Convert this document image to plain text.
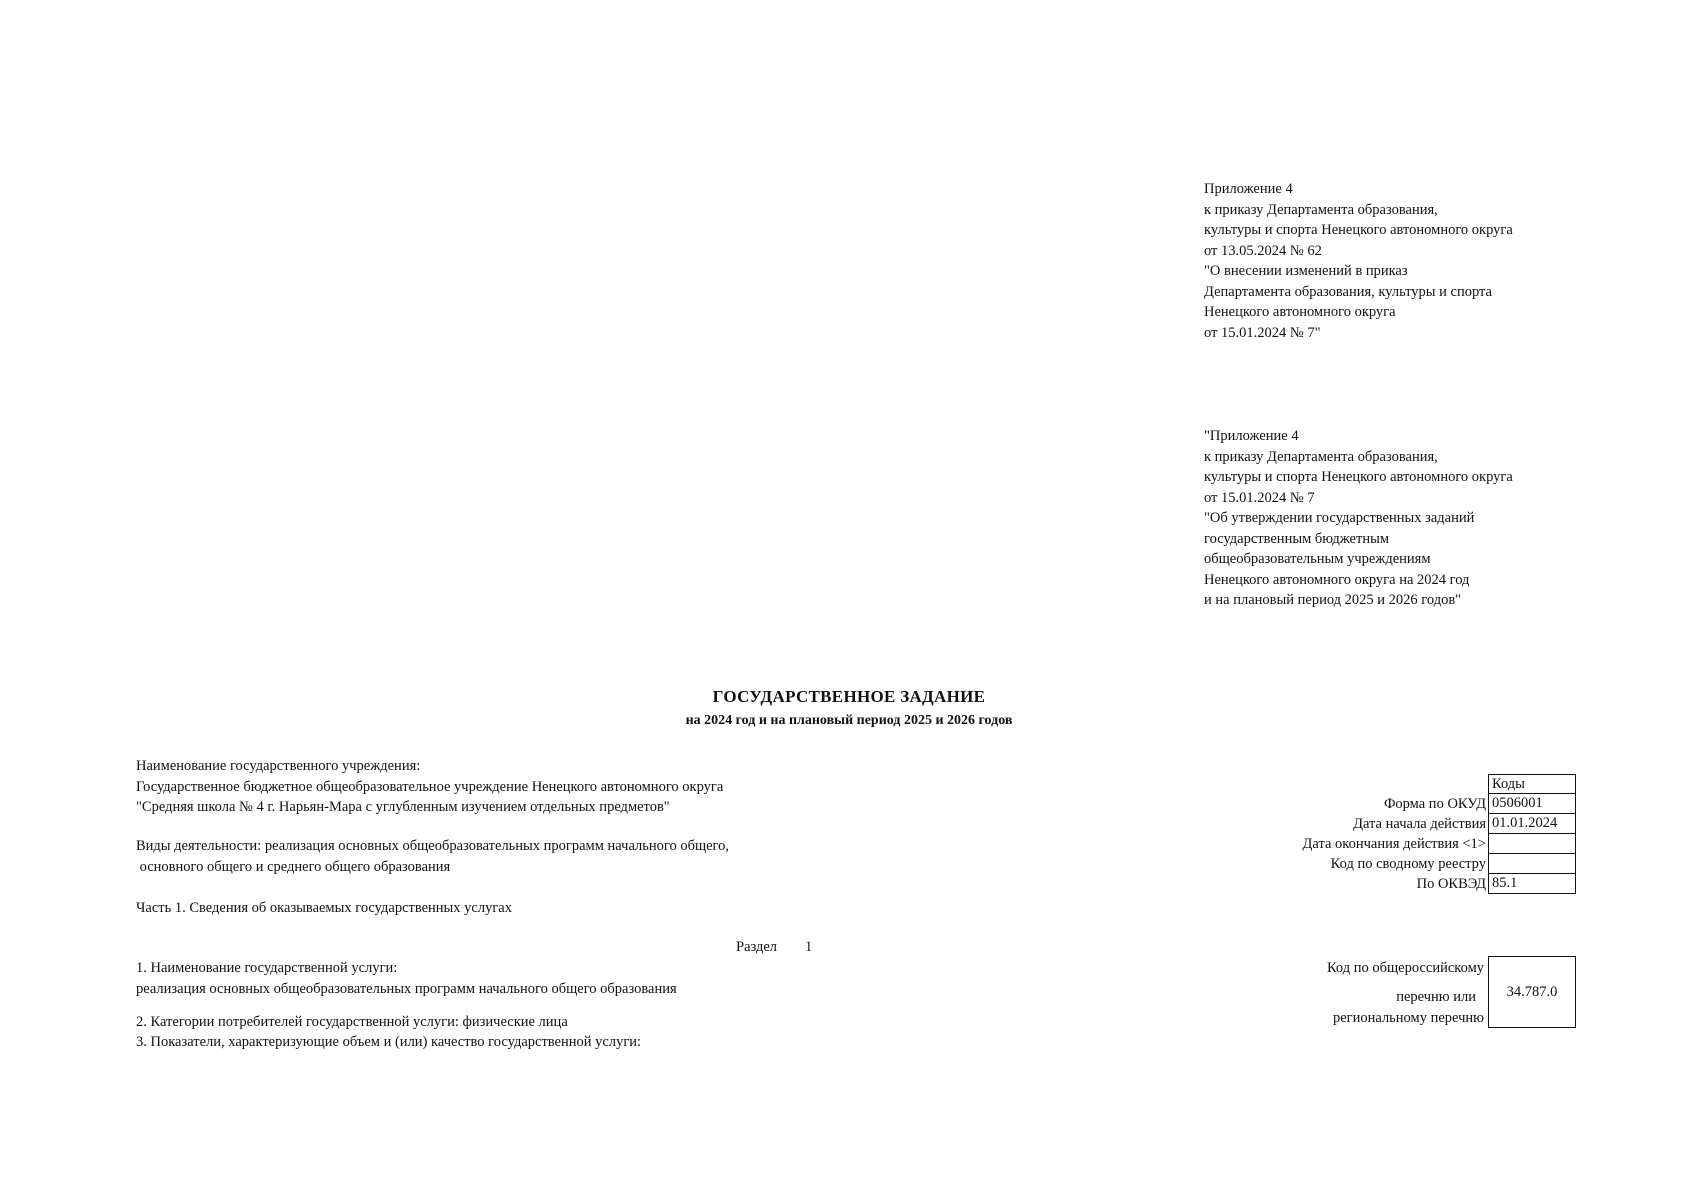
Приложение 4
к приказу Департамента образования,
культуры и спорта Ненецкого автономного округа
от 13.05.2024 № 62
"О внесении изменений в приказ
Департамента образования, культуры и спорта
Ненецкого автономного округа
от 15.01.2024 № 7"
"Приложение 4
к приказу Департамента образования,
культуры и спорта Ненецкого автономного округа
от 15.01.2024 № 7
"Об утверждении государственных заданий
государственным бюджетным
общеобразовательным учреждениям
Ненецкого автономного округа на 2024 год
и на плановый период 2025 и 2026 годов"
ГОСУДАРСТВЕННОЕ ЗАДАНИЕ
на 2024 год и на плановый период 2025 и 2026 годов
Наименование государственного учреждения:
Государственное бюджетное общеобразовательное учреждение Ненецкого автономного округа
"Средняя школа № 4 г. Нарьян-Мара с углубленным изучением отдельных предметов"
Виды деятельности: реализация основных общеобразовательных программ начального общего,
основного общего и среднего общего образования
Часть 1. Сведения об оказываемых государственных услугах
Раздел 1
1. Наименование государственной услуги:
реализация основных общеобразовательных программ начального общего образования
2. Категории потребителей государственной услуги: физические лица
3. Показатели, характеризующие объем и (или) качество государственной услуги:
Коды
Форма по ОКУД 0506001
Дата начала действия 01.01.2024
Дата окончания действия <1>
Код по сводному реестру
По ОКВЭД 85.1
Код по общероссийскому
перечню или
региональному перечню
34.787.0
